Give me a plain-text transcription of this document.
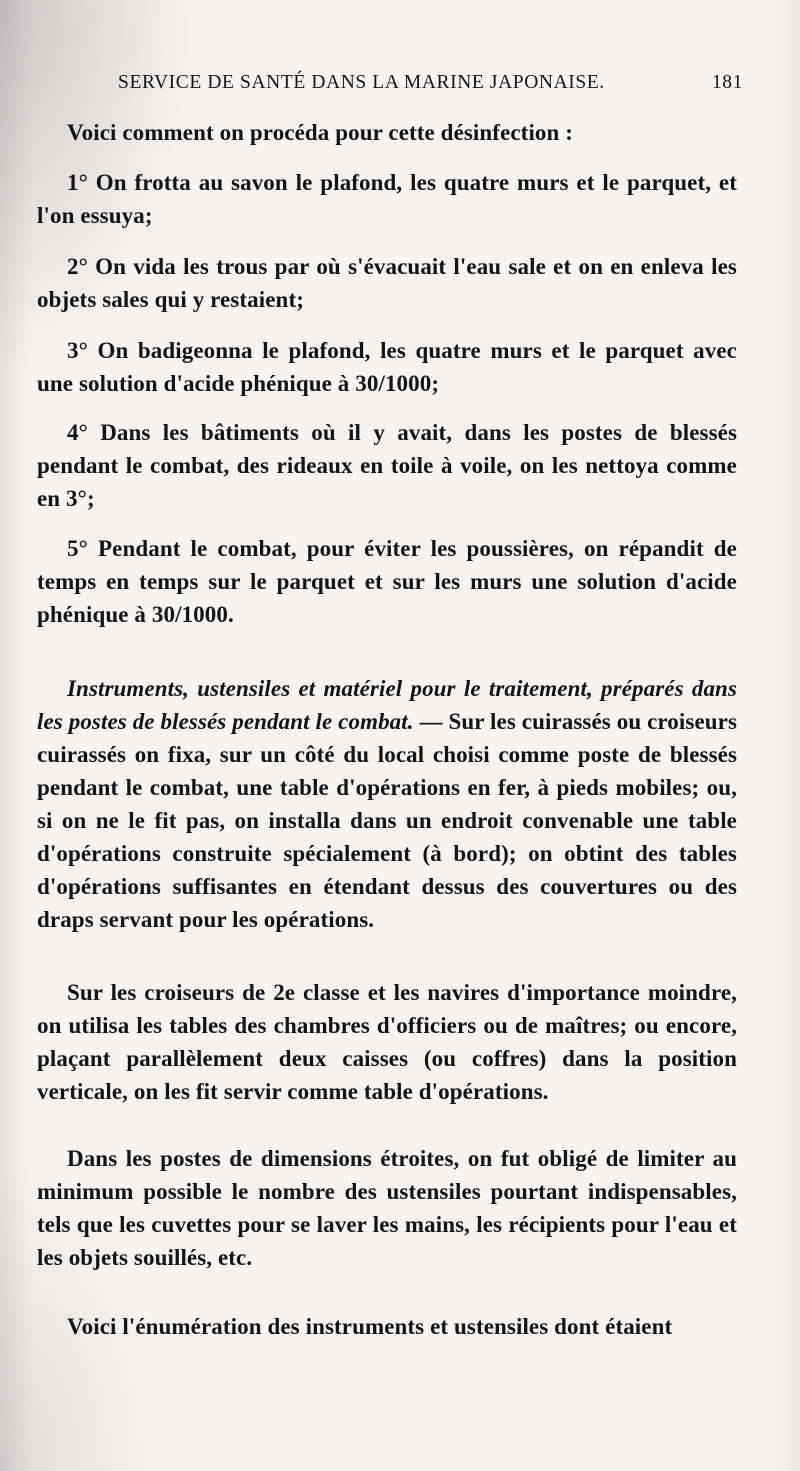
SERVICE DE SANTÉ DANS LA MARINE JAPONAISE.	181
Voici comment on procéda pour cette désinfection :
1° On frotta au savon le plafond, les quatre murs et le parquet, et l'on essuya;
2° On vida les trous par où s'évacuait l'eau sale et on en enleva les objets sales qui y restaient;
3° On badigeonna le plafond, les quatre murs et le parquet avec une solution d'acide phénique à 30/1000;
4° Dans les bâtiments où il y avait, dans les postes de blessés pendant le combat, des rideaux en toile à voile, on les nettoya comme en 3°;
5° Pendant le combat, pour éviter les poussières, on répandit de temps en temps sur le parquet et sur les murs une solution d'acide phénique à 30/1000.
Instruments, ustensiles et matériel pour le traitement, préparés dans les postes de blessés pendant le combat. — Sur les cuirassés ou croiseurs cuirassés on fixa, sur un côté du local choisi comme poste de blessés pendant le combat, une table d'opérations en fer, à pieds mobiles; ou, si on ne le fit pas, on installa dans un endroit convenable une table d'opérations construite spécialement (à bord); on obtint des tables d'opérations suffisantes en étendant dessus des couvertures ou des draps servant pour les opérations.
Sur les croiseurs de 2e classe et les navires d'importance moindre, on utilisa les tables des chambres d'officiers ou de maîtres; ou encore, plaçant parallèlement deux caisses (ou coffres) dans la position verticale, on les fit servir comme table d'opérations.
Dans les postes de dimensions étroites, on fut obligé de limiter au minimum possible le nombre des ustensiles pourtant indispensables, tels que les cuvettes pour se laver les mains, les récipients pour l'eau et les objets souillés, etc.
Voici l'énumération des instruments et ustensiles dont étaient
